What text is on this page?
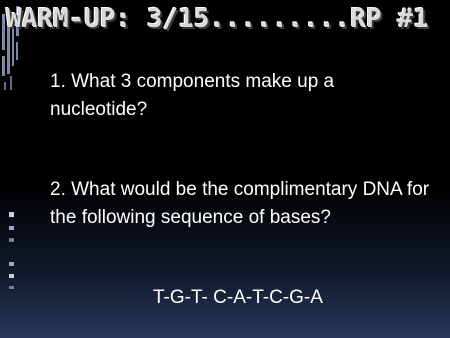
WARM-UP: 3/15.........RP #1

1. What 3 components make up a nucleotide?

2. What would be the complimentary DNA for the following sequence of bases?

T-G-T- C-A-T-C-G-A
